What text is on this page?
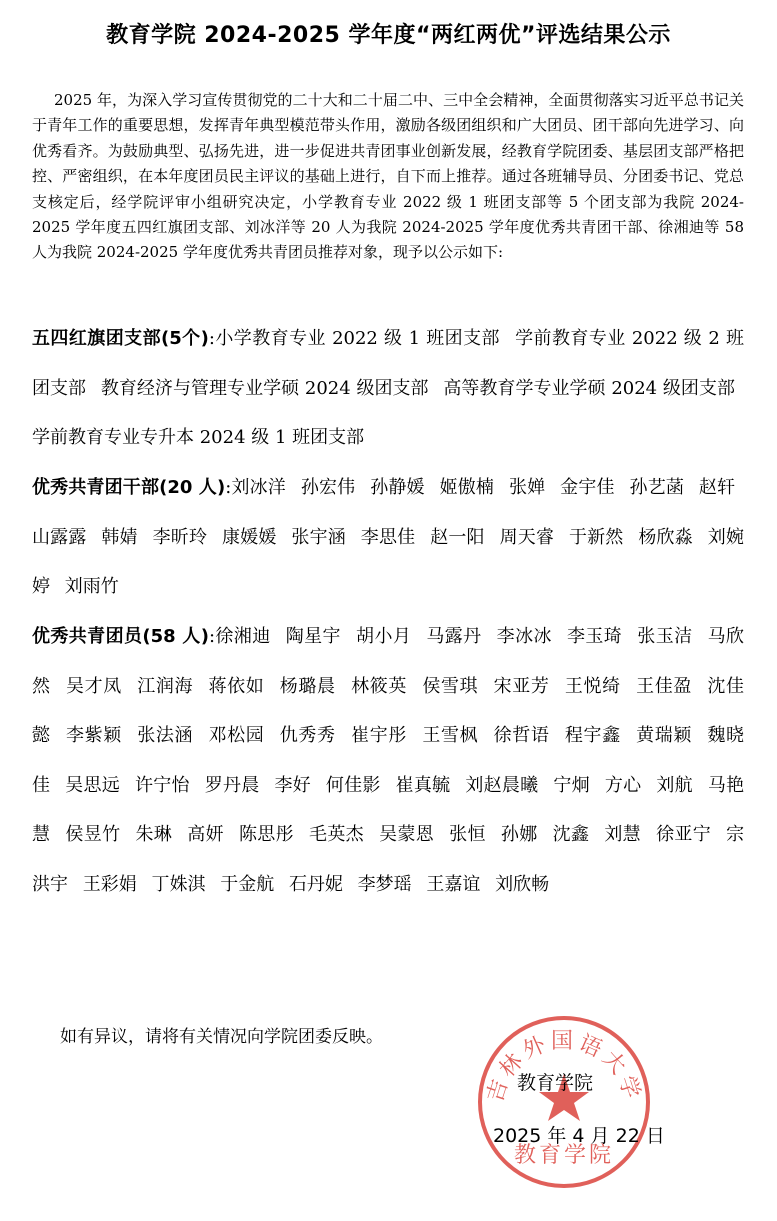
教育学院 2024-2025 学年度“两红两优”评选结果公示

2025 年，为深入学习宣传贯彻党的二十大和二十届二中、三中全会精神，全面贯彻落实习近平总书记关于青年工作的重要思想，发挥青年典型模范带头作用，激励各级团组织和广大团员、团干部向先进学习、向优秀看齐。为鼓励典型、弘扬先进，进一步促进共青团事业创新发展，经教育学院团委、基层团支部严格把控、严密组织，在本年度团员民主评议的基础上进行，自下而上推荐。通过各班辅导员、分团委书记、党总支核定后，经学院评审小组研究决定，小学教育专业 2022 级 1 班团支部等 5 个团支部为我院 2024-2025 学年度五四红旗团支部、刘冰洋等 20 人为我院 2024-2025 学年度优秀共青团干部、徐湘迪等 58 人为我院 2024-2025 学年度优秀共青团员推荐对象，现予以公示如下:

五四红旗团支部(5个):小学教育专业 2022 级 1 班团支部 学前教育专业 2022 级 2 班团支部 教育经济与管理专业学硕 2024 级团支部 高等教育学专业学硕 2024 级团支部 学前教育专业专升本 2024 级 1 班团支部

优秀共青团干部(20 人):刘冰洋 孙宏伟 孙静媛 姬傲楠 张婵 金宇佳 孙艺菡 赵轩 山露露 韩婧 李昕玲 康媛媛 张宇涵 李思佳 赵一阳 周天睿 于新然 杨欣淼 刘婉婷 刘雨竹

优秀共青团员(58 人):徐湘迪 陶星宇 胡小月 马露丹 李冰冰 李玉琦 张玉洁 马欣然 吴才凤 江润海 蒋依如 杨璐晨 林筱英 侯雪琪 宋亚芳 王悦绮 王佳盈 沈佳懿 李紫颖 张法涵 邓松园 仇秀秀 崔宇彤 王雪枫 徐哲语 程宇鑫 黄瑞颖 魏晓佳 吴思远 许宁怡 罗丹晨 李好 何佳影 崔真毓 刘赵晨曦 宁炯 方心 刘航 马艳慧 侯昱竹 朱琳 高妍 陈思彤 毛英杰 吴蒙恩 张恒 孙娜 沈鑫 刘慧 徐亚宁 宗洪宇 王彩娟 丁姝淇 于金航 石丹妮 李梦瑶 王嘉谊 刘欣畅

如有异议，请将有关情况向学院团委反映。

吉林外国语大学
教育学院

教育学院

2025 年 4 月 22 日
